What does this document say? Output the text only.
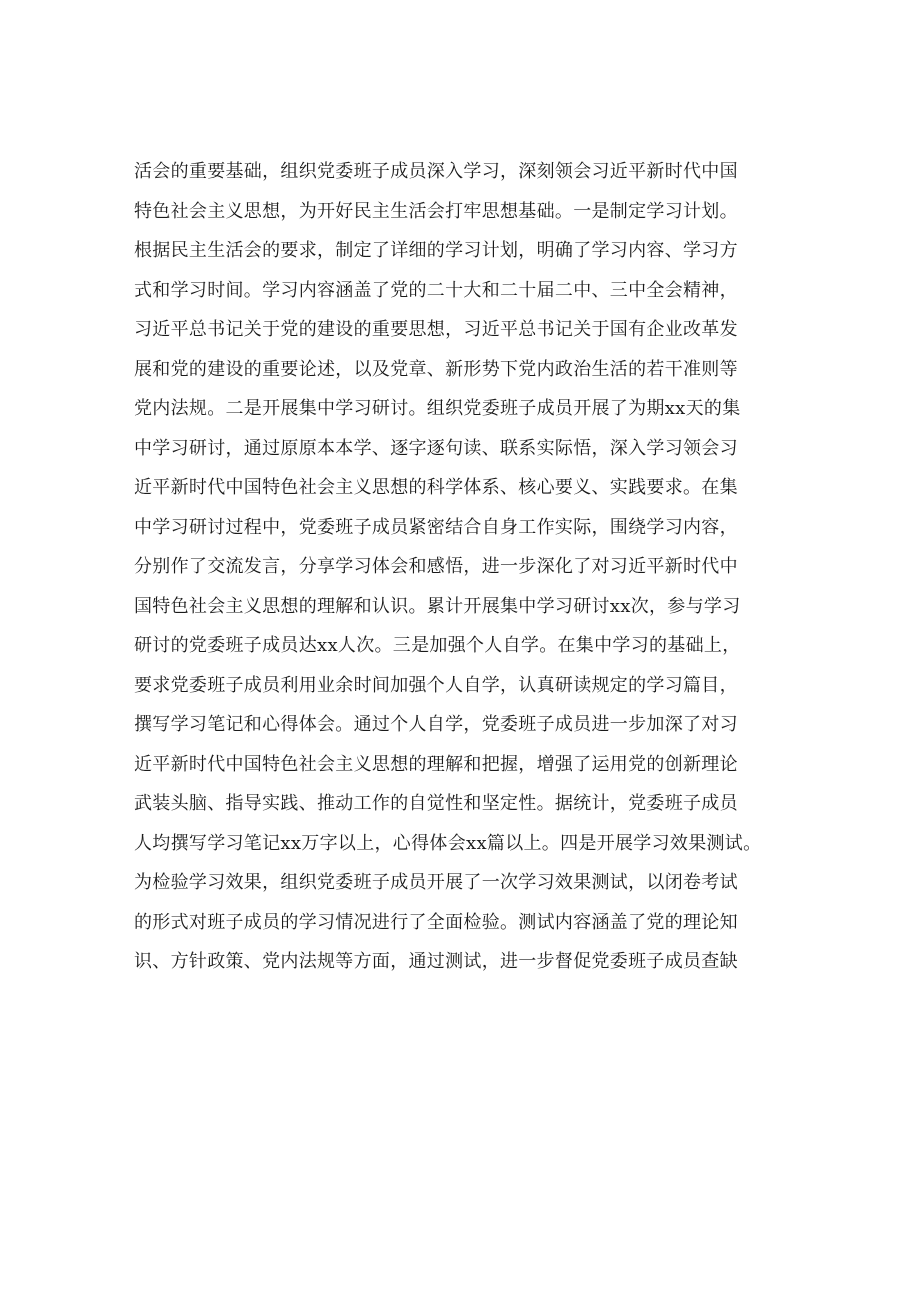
活会的重要基础，组织党委班子成员深入学习，深刻领会习近平新时代中国
特色社会主义思想，为开好民主生活会打牢思想基础。一是制定学习计划。
根据民主生活会的要求，制定了详细的学习计划，明确了学习内容、学习方
式和学习时间。学习内容涵盖了党的二十大和二十届二中、三中全会精神，
习近平总书记关于党的建设的重要思想，习近平总书记关于国有企业改革发
展和党的建设的重要论述，以及党章、新形势下党内政治生活的若干准则等
党内法规。二是开展集中学习研讨。组织党委班子成员开展了为期xx天的集
中学习研讨，通过原原本本学、逐字逐句读、联系实际悟，深入学习领会习
近平新时代中国特色社会主义思想的科学体系、核心要义、实践要求。在集
中学习研讨过程中，党委班子成员紧密结合自身工作实际，围绕学习内容，
分别作了交流发言，分享学习体会和感悟，进一步深化了对习近平新时代中
国特色社会主义思想的理解和认识。累计开展集中学习研讨xx次，参与学习
研讨的党委班子成员达xx人次。三是加强个人自学。在集中学习的基础上，
要求党委班子成员利用业余时间加强个人自学，认真研读规定的学习篇目，
撰写学习笔记和心得体会。通过个人自学，党委班子成员进一步加深了对习
近平新时代中国特色社会主义思想的理解和把握，增强了运用党的创新理论
武装头脑、指导实践、推动工作的自觉性和坚定性。据统计，党委班子成员
人均撰写学习笔记xx万字以上，心得体会xx篇以上。四是开展学习效果测试。
为检验学习效果，组织党委班子成员开展了一次学习效果测试，以闭卷考试
的形式对班子成员的学习情况进行了全面检验。测试内容涵盖了党的理论知
识、方针政策、党内法规等方面，通过测试，进一步督促党委班子成员查缺
